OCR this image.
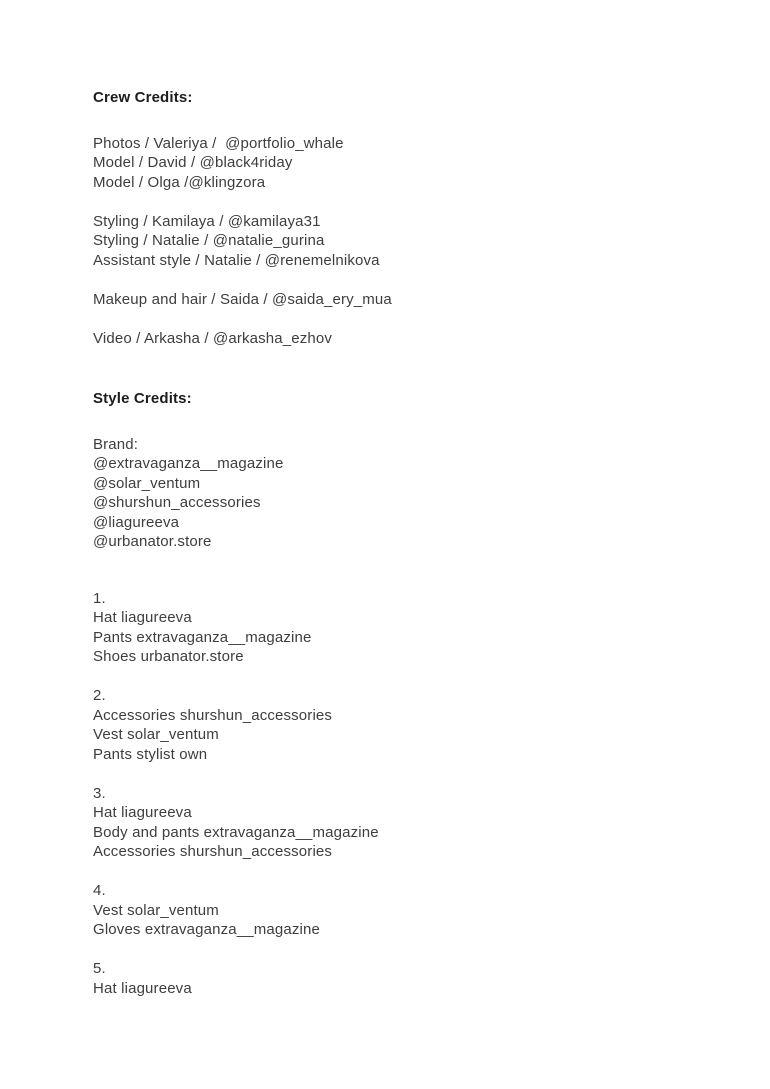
Crew Credits:
Photos / Valeriya /  @portfolio_whale
Model / David / @black4riday
Model / Olga /@klingzora
Styling / Kamilaya / @kamilaya31
Styling / Natalie / @natalie_gurina
Assistant style / Natalie / @renemelnikova
Makeup and hair / Saida / @saida_ery_mua
Video / Arkasha / @arkasha_ezhov
Style Credits:
Brand:
@extravaganza__magazine
@solar_ventum
@shurshun_accessories
@liagureeva
@urbanator.store
1.
Hat liagureeva
Pants extravaganza__magazine
Shoes urbanator.store
2.
Accessories shurshun_accessories
Vest solar_ventum
Pants stylist own
3.
Hat liagureeva
Body and pants extravaganza__magazine
Accessories shurshun_accessories
4.
Vest solar_ventum
Gloves extravaganza__magazine
5.
Hat liagureeva
